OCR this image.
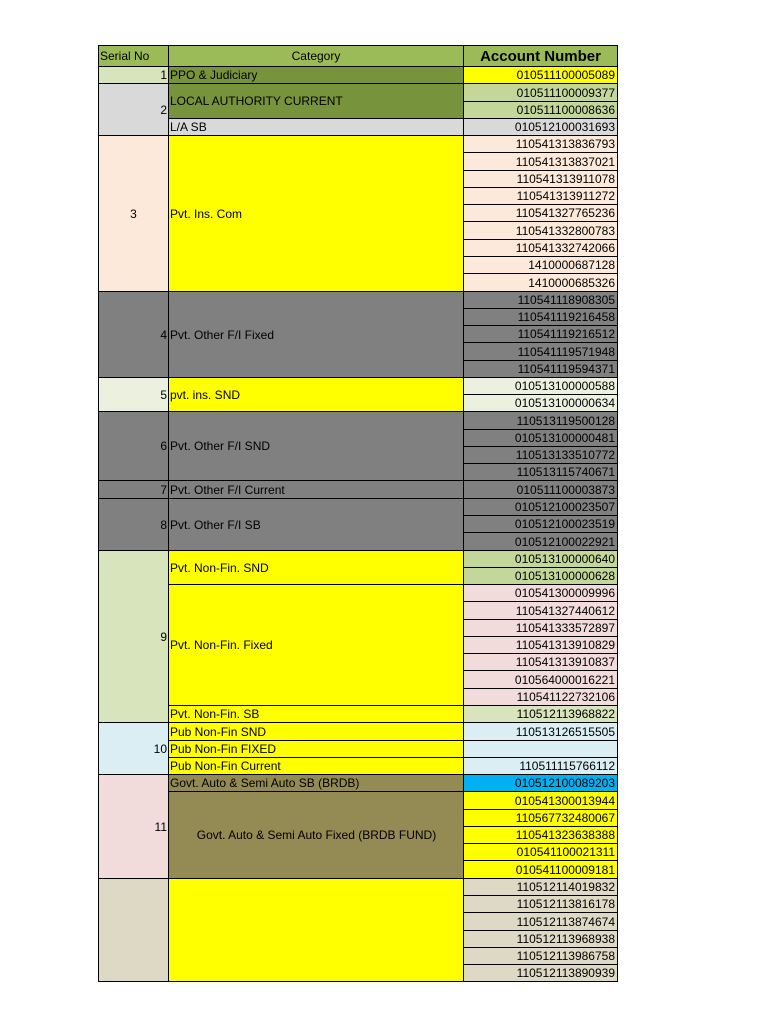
Serial No	Category	Account Number
1
2
3
4
5
6
7
8
9
10
11
PPO & Judiciary
LOCAL AUTHORITY CURRENT
L/A SB
Pvt. Ins. Com
Pvt. Other F/I Fixed
pvt. ins. SND
Pvt. Other F/I SND
Pvt. Other F/I Current
Pvt. Other F/I SB
Pvt. Non-Fin. SND
Pvt. Non-Fin. Fixed
Pvt. Non-Fin. SB
Pub Non-Fin SND
Pub Non-Fin FIXED
Pub Non-Fin Current
Govt. Auto & Semi Auto SB (BRDB)
Govt. Auto & Semi Auto Fixed (BRDB FUND)
010511100005089
010511100009377
010511100008636
010512100031693
110541313836793
110541313837021
110541313911078
110541313911272
110541327765236
110541332800783
110541332742066
1410000687128
1410000685326
110541118908305
110541119216458
110541119216512
110541119571948
110541119594371
010513100000588
010513100000634
110513119500128
010513100000481
110513133510772
110513115740671
010511100003873
010512100023507
010512100023519
010512100022921
010513100000640
010513100000628
010541300009996
110541327440612
110541333572897
110541313910829
110541313910837
010564000016221
110541122732106
110512113968822
110513126515505
110511115766112
010512100089203
010541300013944
110567732480067
110541323638388
010541100021311
010541100009181
110512114019832
110512113816178
110512113874674
110512113968938
110512113986758
110512113890939
